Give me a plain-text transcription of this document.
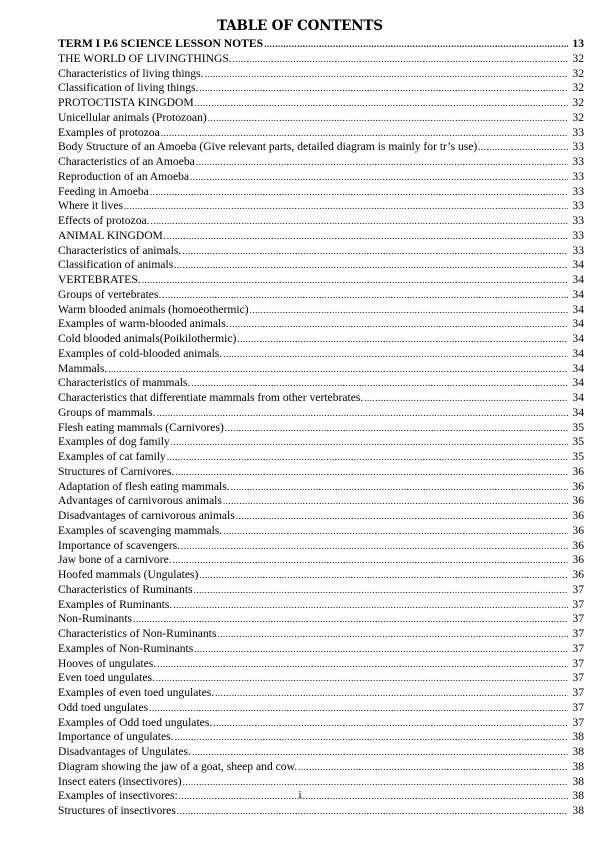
TABLE OF CONTENTS
TERM I P.6 SCIENCE LESSON NOTES .....	13
THE WORLD OF LIVINGTHINGS. .....	32
Characteristics of living things. .....	32
Classification of living things. .....	32
PROTOCTISTA KINGDOM .....	32
Unicellular animals (Protozoan) .....	32
Examples of protozoa .....	33
Body Structure of an Amoeba (Give relevant parts, detailed diagram is mainly for tr’s use) .....	33
Characteristics of an Amoeba .....	33
Reproduction of an Amoeba .....	33
Feeding in Amoeba .....	33
Where it lives .....	33
Effects of protozoa. .....	33
ANIMAL KINGDOM. .....	33
Characteristics of animals. .....	33
Classification of animals .....	34
VERTEBRATES. .....	34
Groups of vertebrates. .....	34
Warm blooded animals (homoeothermic) .....	34
Examples of warm-blooded animals. .....	34
Cold blooded animals(Poikilothermic) .....	34
Examples of cold-blooded animals. .....	34
Mammals. .....	34
Characteristics of mammals. .....	34
Characteristics that differentiate mammals from other vertebrates. .....	34
Groups of mammals. .....	34
Flesh eating mammals (Carnivores) .....	35
Examples of dog family .....	35
Examples of cat family .....	35
Structures of Carnivores. .....	36
Adaptation of flesh eating mammals. .....	36
Advantages of carnivorous animals .....	36
Disadvantages of carnivorous animals .....	36
Examples of scavenging mammals. .....	36
Importance of scavengers. .....	36
Jaw bone of a carnivore. .....	36
Hoofed mammals (Ungulates) .....	36
Characteristics of Ruminants .....	37
Examples of Ruminants. .....	37
Non-Ruminants .....	37
Characteristics of Non-Ruminants .....	37
Examples of Non-Ruminants .....	37
Hooves of ungulates. .....	37
Even toed ungulates. .....	37
Examples of even toed ungulates. .....	37
Odd toed ungulates .....	37
Examples of Odd toed ungulates. .....	37
Importance of ungulates. .....	38
Disadvantages of Ungulates. .....	38
Diagram showing the jaw of a goat, sheep and cow. .....	38
Insect eaters (insectivores) .....	38
Examples of insectivores: .....	38
Structures of insectivores .....	38
i
